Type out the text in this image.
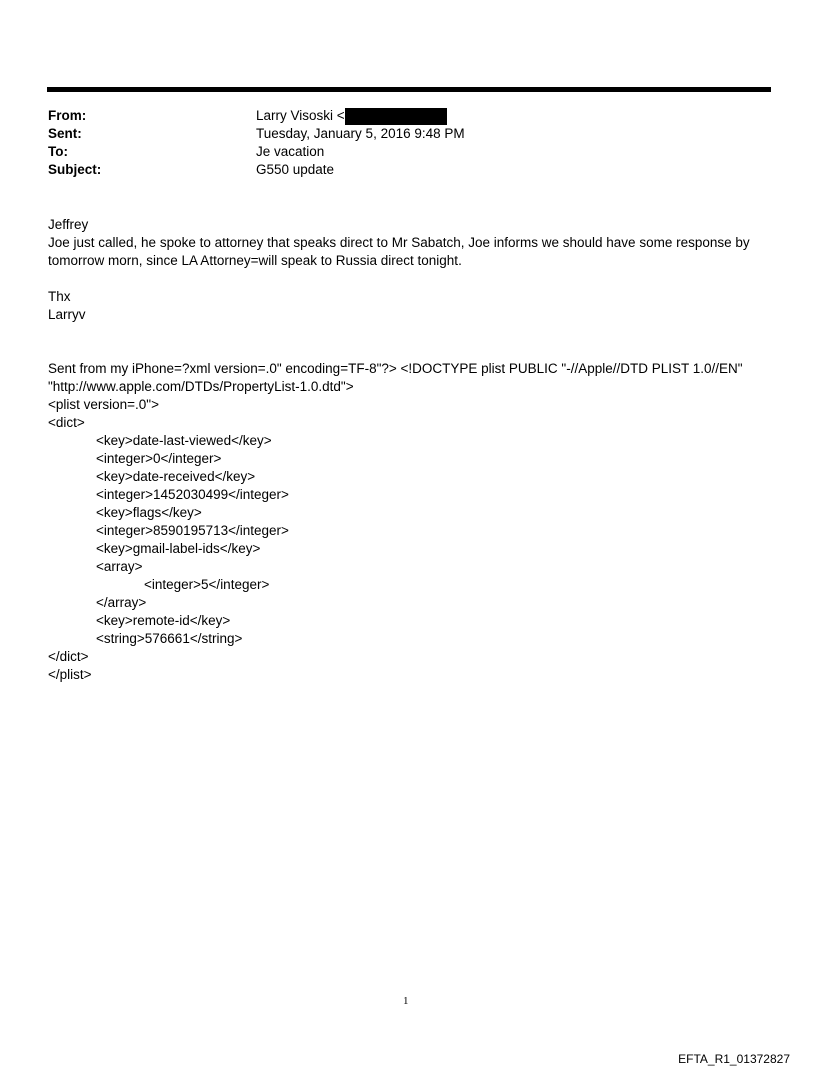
From:	Larry Visoski <
Sent:	Tuesday, January 5, 2016 9:48 PM
To:	Je vacation
Subject:	G550 update

Jeffrey

Joe just called, he spoke to attorney that speaks direct to Mr Sabatch, Joe informs we should have some response by

tomorrow morn, since LA Attorney=will speak to Russia direct tonight.

Thx

Larryv

Sent from my iPhone=?xml version=.0" encoding=TF-8"?> <!DOCTYPE plist PUBLIC "-//Apple//DTD PLIST 1.0//EN"

"http://www.apple.com/DTDs/PropertyList-1.0.dtd">

<plist version=.0">

<dict>

<key>date-last-viewed</key>

<integer>0</integer>

<key>date-received</key>

<integer>1452030499</integer>

<key>flags</key>

<integer>8590195713</integer>

<key>gmail-label-ids</key>

<array>

<integer>5</integer>

</array>

<key>remote-id</key>

<string>576661</string>

</dict>

</plist>

1
EFTA_R1_01372827
